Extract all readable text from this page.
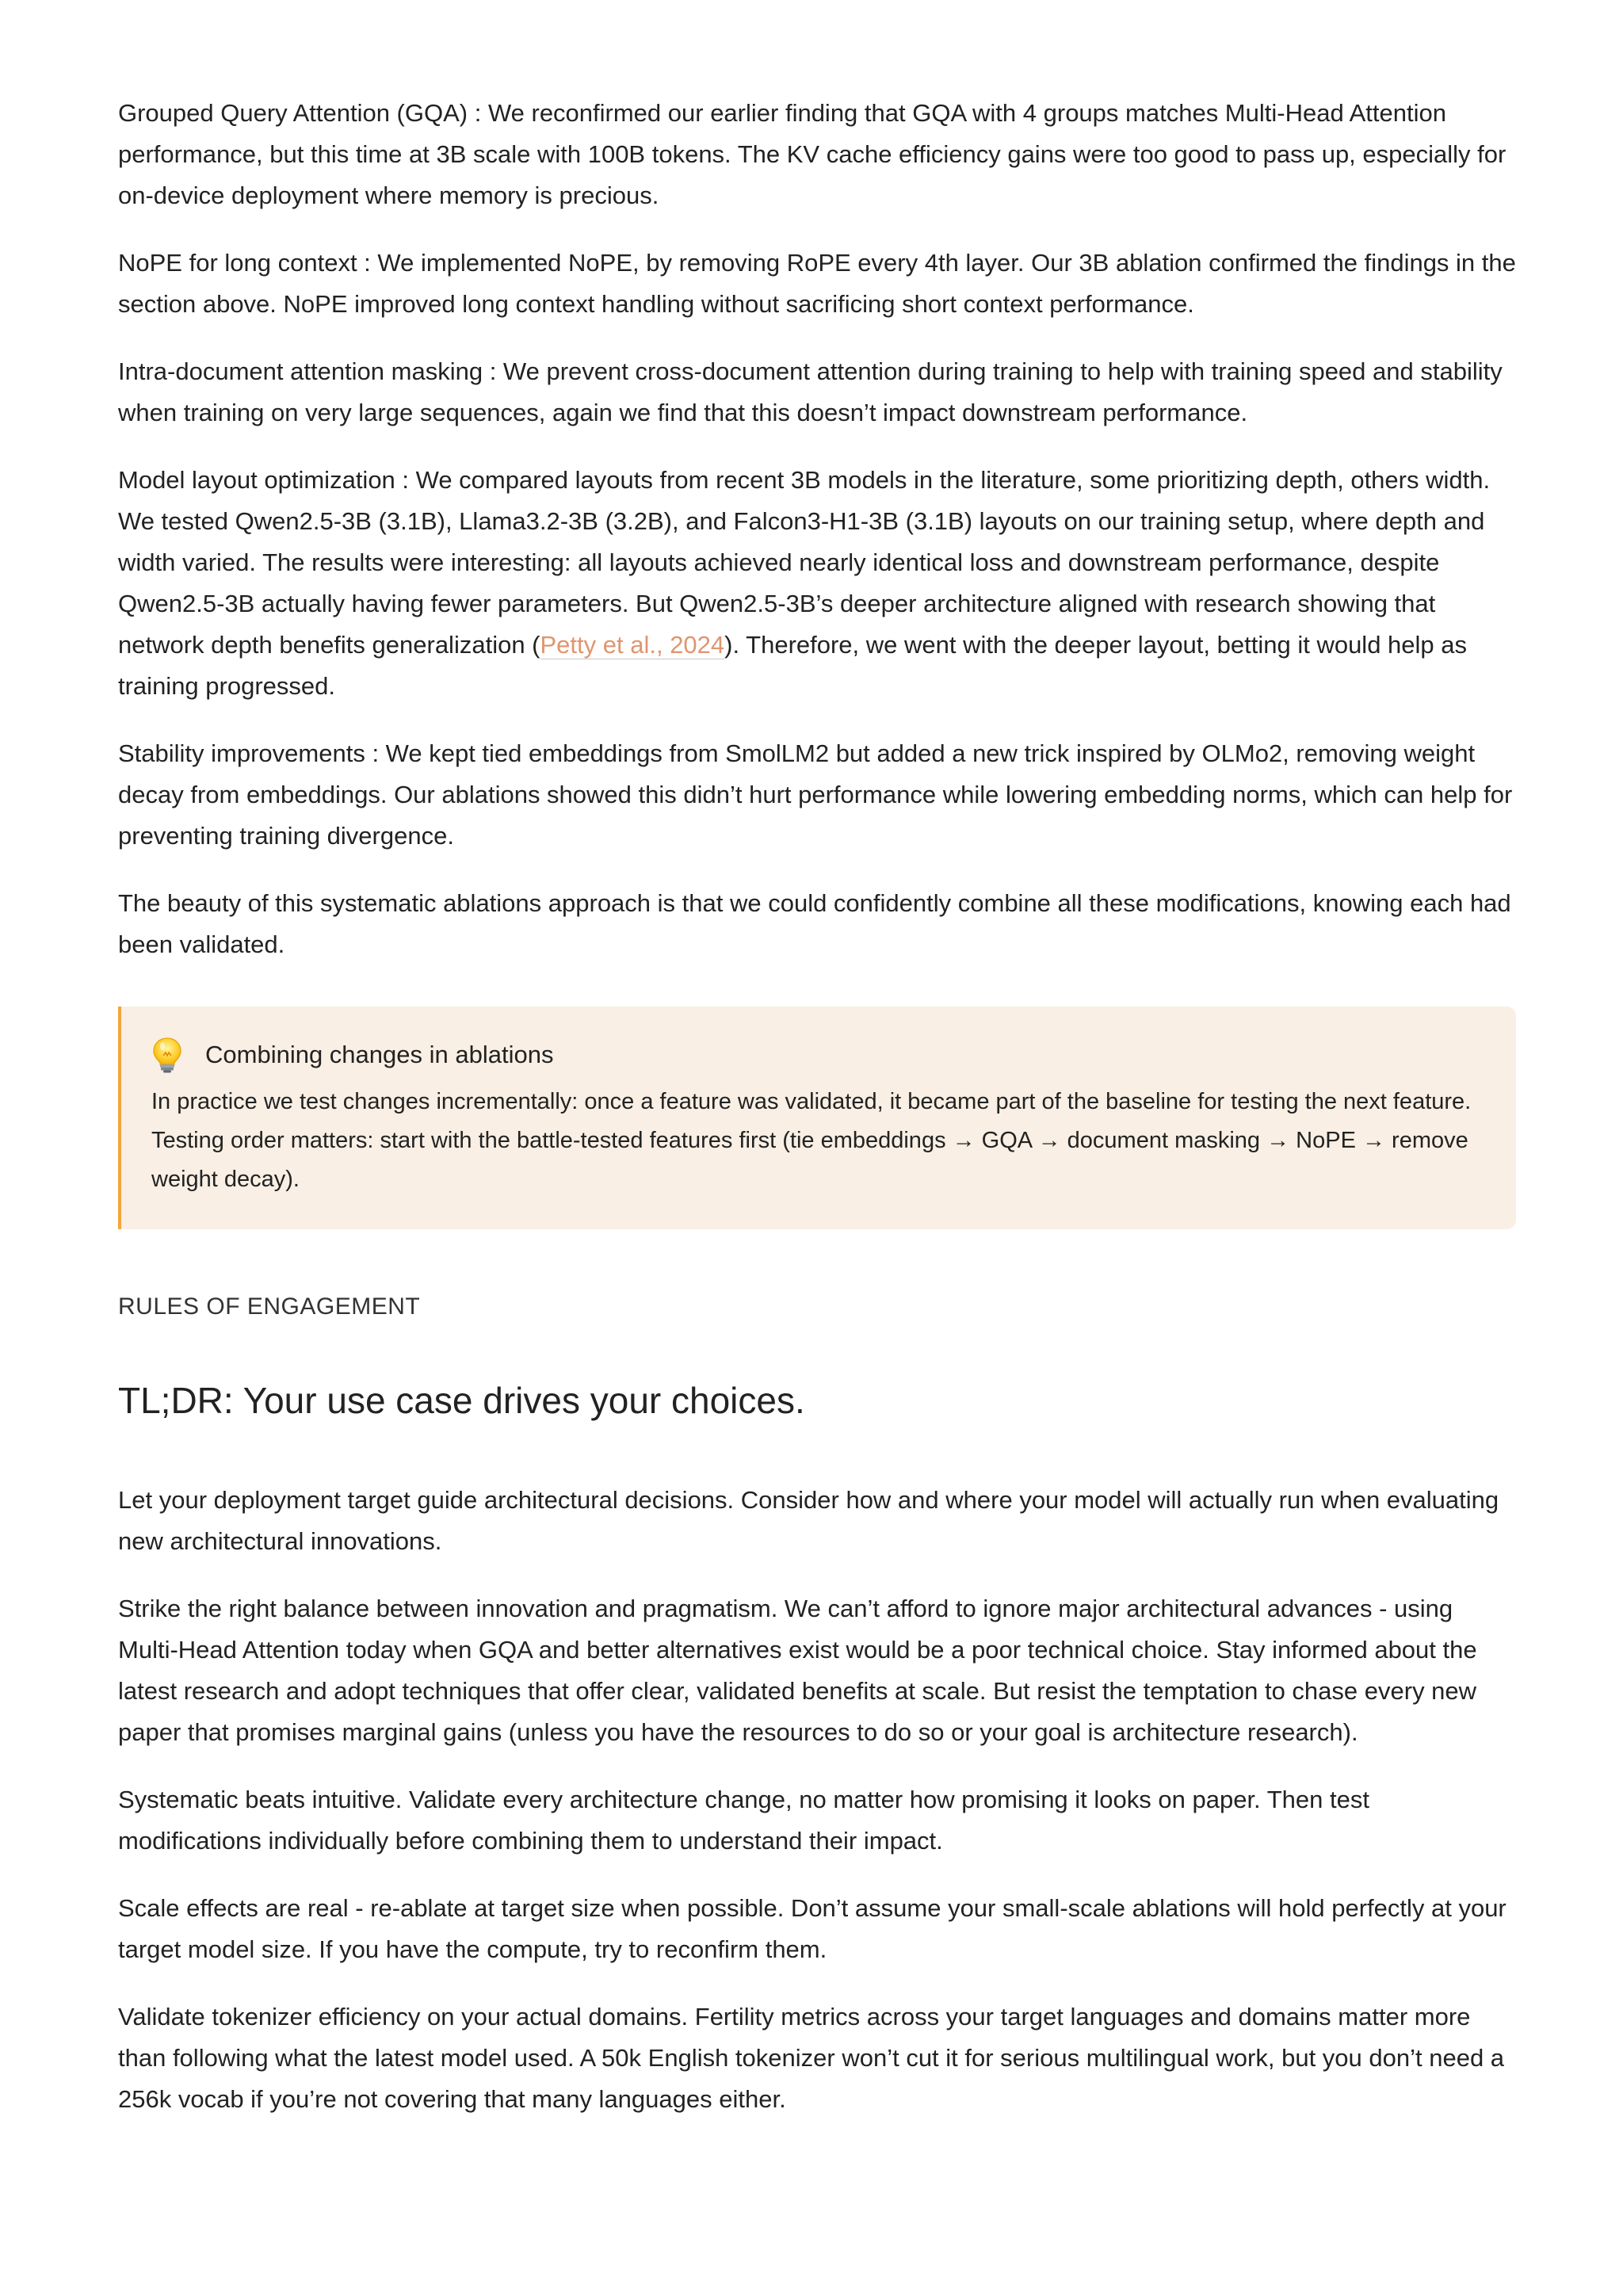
Grouped Query Attention (GQA) : We reconfirmed our earlier finding that GQA with 4 groups matches Multi-Head Attention performance, but this time at 3B scale with 100B tokens. The KV cache efficiency gains were too good to pass up, especially for on-device deployment where memory is precious.

NoPE for long context : We implemented NoPE, by removing RoPE every 4th layer. Our 3B ablation confirmed the findings in the section above. NoPE improved long context handling without sacrificing short context performance.

Intra-document attention masking : We prevent cross-document attention during training to help with training speed and stability when training on very large sequences, again we find that this doesn’t impact downstream performance.

Model layout optimization : We compared layouts from recent 3B models in the literature, some prioritizing depth, others width. We tested Qwen2.5-3B (3.1B), Llama3.2-3B (3.2B), and Falcon3-H1-3B (3.1B) layouts on our training setup, where depth and width varied. The results were interesting: all layouts achieved nearly identical loss and downstream performance, despite Qwen2.5-3B actually having fewer parameters. But Qwen2.5-3B’s deeper architecture aligned with research showing that network depth benefits generalization (Petty et al., 2024). Therefore, we went with the deeper layout, betting it would help as training progressed.

Stability improvements : We kept tied embeddings from SmolLM2 but added a new trick inspired by OLMo2, removing weight decay from embeddings. Our ablations showed this didn’t hurt performance while lowering embedding norms, which can help for preventing training divergence.

The beauty of this systematic ablations approach is that we could confidently combine all these modifications, knowing each had been validated.

Combining changes in ablations

In practice we test changes incrementally: once a feature was validated, it became part of the baseline for testing the next feature. Testing order matters: start with the battle-tested features first (tie embeddings → GQA → document masking → NoPE → remove weight decay).

RULES OF ENGAGEMENT
TL;DR: Your use case drives your choices.

Let your deployment target guide architectural decisions. Consider how and where your model will actually run when evaluating new architectural innovations.

Strike the right balance between innovation and pragmatism. We can’t afford to ignore major architectural advances - using Multi-Head Attention today when GQA and better alternatives exist would be a poor technical choice. Stay informed about the latest research and adopt techniques that offer clear, validated benefits at scale. But resist the temptation to chase every new paper that promises marginal gains (unless you have the resources to do so or your goal is architecture research).

Systematic beats intuitive. Validate every architecture change, no matter how promising it looks on paper. Then test modifications individually before combining them to understand their impact.

Scale effects are real - re-ablate at target size when possible. Don’t assume your small-scale ablations will hold perfectly at your target model size. If you have the compute, try to reconfirm them.

Validate tokenizer efficiency on your actual domains. Fertility metrics across your target languages and domains matter more than following what the latest model used. A 50k English tokenizer won’t cut it for serious multilingual work, but you don’t need a 256k vocab if you’re not covering that many languages either.
